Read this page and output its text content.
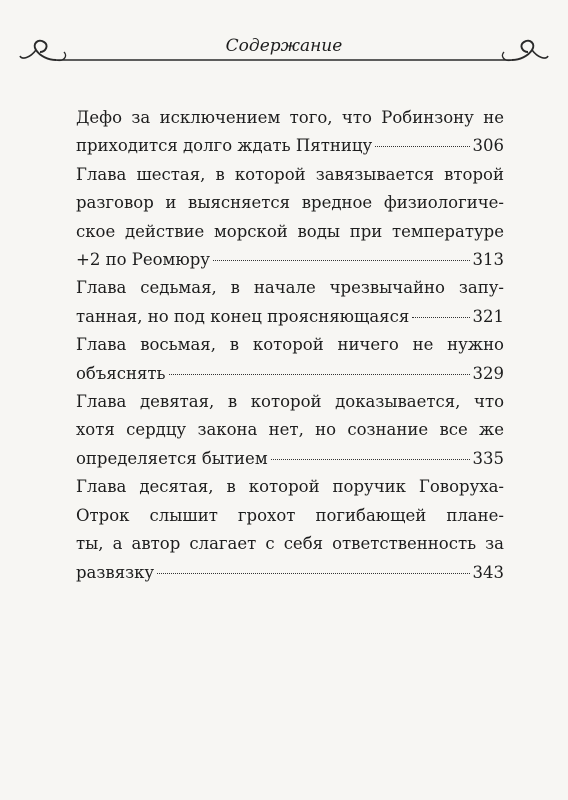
Содержание
Дефо за исключением того, что Робинзону не
приходится долго ждать Пятницу	306
Глава шестая, в которой завязывается второй
разговор и выясняется вредное физиологиче-
ское действие морской воды при температуре
+2 по Реомюру	313
Глава седьмая, в начале чрезвычайно запу-
танная, но под конец проясняющаяся	321
Глава восьмая, в которой ничего не нужно
объяснять	329
Глава девятая, в которой доказывается, что
хотя сердцу закона нет, но сознание все же
определяется бытием	335
Глава десятая, в которой поручик Говоруха-
Отрок слышит грохот погибающей плане-
ты, а автор слагает с себя ответственность за
развязку	343
